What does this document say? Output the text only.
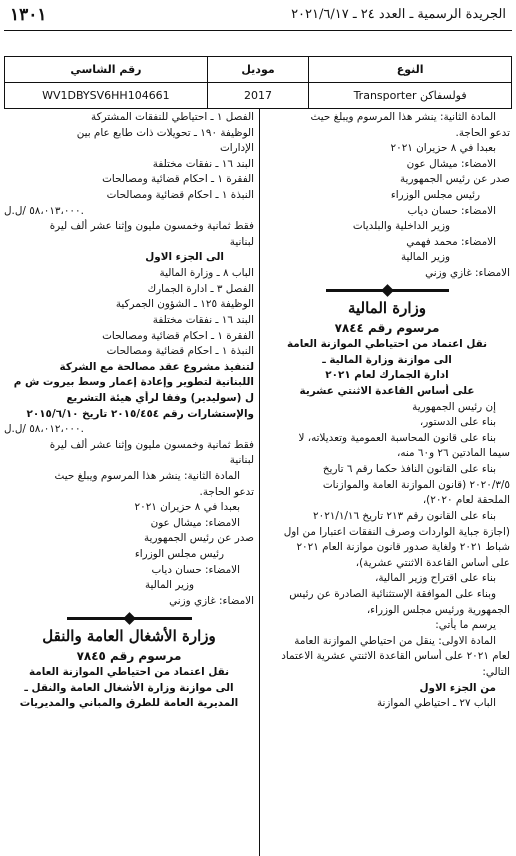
الجريدة الرسمية ـ العدد ٢٤ ـ ٢٠٢١/٦/١٧
١٣٠١
النوع	موديل	رقم الشاسي
فولسفاكن Transporter	2017	WV1DBYSV6HH104661
المادة الثانية: ينشر هذا المرسوم ويبلغ حيث
تدعو الحاجة.
بعبدا في ٨ حزيران ٢٠٢١
الامضاء: ميشال عون
صدر عن رئيس الجمهورية
رئيس مجلس الوزراء
الامضاء: حسان دياب
وزير الداخلية والبلديات
الامضاء: محمد فهمي
وزير المالية
الامضاء: غازي وزني
وزارة المالية
مرسوم رقم ٧٨٤٤
نقل اعتماد من احتياطي الموازنة العامة
الى موازنة وزارة المالية ـ
ادارة الجمارك لعام ٢٠٢١
على أساس القاعدة الاثنتي عشرية
إن رئيس الجمهورية
بناء على الدستور،
بناء على قانون المحاسبة العمومية وتعديلاته، لا
سيما المادتين ٢٦ و٦٠ منه،
بناء على القانون النافذ حكما رقم ٦ تاريخ
٢٠٢٠/٣/٥ (قانون الموازنة العامة والموازنات
الملحقة لعام ٢٠٢٠)،
بناء على القانون رقم ٢١٣ تاريخ ٢٠٢١/١/١٦
(اجازة جباية الواردات وصرف النفقات اعتبارا من اول
شباط ٢٠٢١ ولغاية صدور قانون موازنة العام ٢٠٢١
على أساس القاعدة الاثنتي عشرية)،
بناء على اقتراح وزير المالية،
وبناء على الموافقة الإستثنائية الصادرة عن رئيس
الجمهورية ورئيس مجلس الوزراء،
يرسم ما يأتي:
المادة الاولى: ينقل من احتياطي الموازنة العامة
لعام ٢٠٢١ على أساس القاعدة الاثنتي عشرية الاعتماد
التالي:
من الجزء الاول
الباب ٢٧ ـ احتياطي الموازنة
الفصل ١ ـ احتياطي للنفقات المشتركة
الوظيفة ١٩٠ ـ تحويلات ذات طابع عام بين
الإدارات
البند ١٦ ـ نفقات مختلفة
الفقرة ١ ـ احكام قضائية ومصالحات
النبذة ١ ـ احكام قضائية ومصالحات
٥٨،٠١٣،٠٠٠ /ل.ل.
فقط ثمانية وخمسون مليون وإثنا عشر ألف ليرة
لبنانية
الى الجزء الاول
الباب ٨ ـ وزارة المالية
الفصل ٣ ـ ادارة الجمارك
الوظيفة ١٢٥ ـ الشؤون الجمركية
البند ١٦ ـ نفقات مختلفة
الفقرة ١ ـ احكام قضائية ومصالحات
النبذة ١ ـ احكام قضائية ومصالحات
لتنفيذ مشروع عقد مصالحة مع الشركة
اللبنانية لتطوير وإعادة إعمار وسط بيروت ش م
ل (سوليدير) وفقا لرأي هيئة التشريع
والإستشارات رقم ٢٠١٥/٤٥٤ تاريخ ٢٠١٥/٦/١٠
٥٨،٠١٢،٠٠٠ /ل.ل.
فقط ثمانية وخمسون مليون وإثنا عشر ألف ليرة
لبنانية
المادة الثانية: ينشر هذا المرسوم ويبلغ حيث
تدعو الحاجة.
بعبدا في ٨ حزيران ٢٠٢١
الامضاء: ميشال عون
صدر عن رئيس الجمهورية
رئيس مجلس الوزراء
الامضاء: حسان دياب
وزير المالية
الامضاء: غازي وزني
وزارة الأشغال العامة والنقل
مرسوم رقم ٧٨٤٥
نقل اعتماد من احتياطي الموازنة العامة
الى موازنة وزارة الأشغال العامة والنقل ـ
المديرية العامة للطرق والمباني والمديريات
